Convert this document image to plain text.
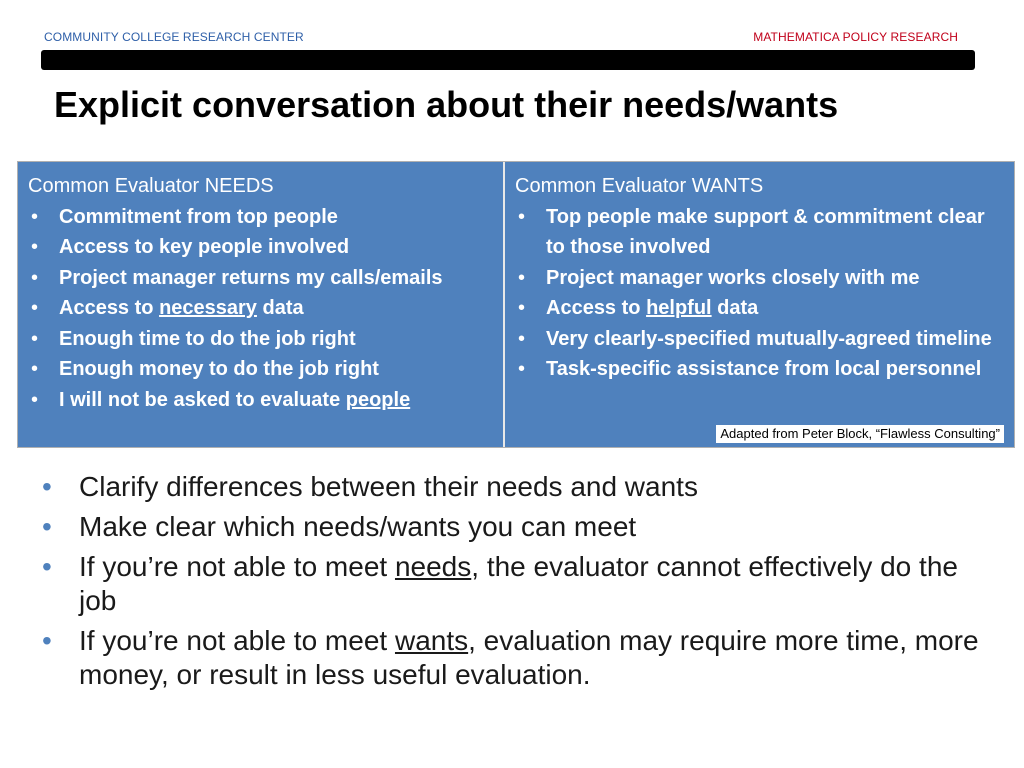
COMMUNITY COLLEGE RESEARCH CENTER	MATHEMATICA POLICY RESEARCH
Explicit conversation about their needs/wants
Common Evaluator NEEDS
• Commitment from top people
• Access to key people involved
• Project manager returns my calls/emails
• Access to necessary data
• Enough time to do the job right
• Enough money to do the job right
• I will not be asked to evaluate people
Common Evaluator WANTS
• Top people make support & commitment clear to those involved
• Project manager works closely with me
• Access to helpful data
• Very clearly-specified mutually-agreed timeline
• Task-specific assistance from local personnel
Adapted from Peter Block, “Flawless Consulting”
• Clarify differences between their needs and wants
• Make clear which needs/wants you can meet
• If you’re not able to meet needs, the evaluator cannot effectively do the job
• If you’re not able to meet wants, evaluation may require more time, more money, or result in less useful evaluation.
